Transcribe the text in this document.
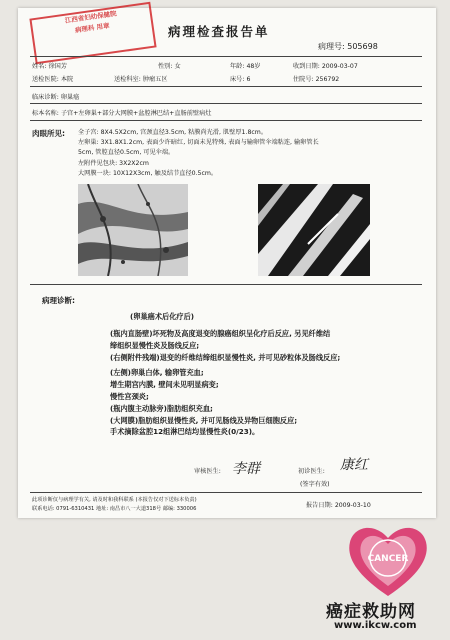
江西省妇幼保健院
病理科 用章	病理检查报告单
病理号: 505698
姓名: 徐国芳	性别: 女	年龄: 48岁	收到日期: 2009-03-07
送检医院: 本院	送检科室: 肿瘤五区	床号: 6	住院号: 256792
临床诊断: 卵巢癌
标本名称: 子宫+左卵巢+部分大网膜+盆腔淋巴结+直肠前壁病灶
肉眼所见: 全子宫: 8X4.5X2cm, 宫颈直径3.5cm, 粘膜尚光滑, 肌壁厚1.8cm。
左卵巢: 3X1.8X1.2cm, 表面少许暗红, 切面未见特殊, 表面与输卵管伞端粘连, 输卵管长
5cm, 管腔直径0.5cm, 可见伞端。
左附件见包块: 3X2X2cm
大网膜一块: 10X12X3cm, 触及结节直径0.5cm。
病理诊断:
(卵巢癌术后化疗后)
(瓶内直肠壁)坏死物及高度退变的腺癌组织呈化疗后反应, 另见纤维结
缔组织显慢性炎及肠线反应;
(右侧附件残端)退变的纤维结缔组织显慢性炎, 并可见砂粒体及肠线反应;
(左侧)卵巢白体, 输卵管充血;
增生期宫内膜, 壁间未见明显病变;
慢性宫颈炎;
(瓶内腹主动脉旁)脂肪组织充血;
(大网膜)脂肪组织显慢性炎, 并可见肠线及异物巨细胞反应;
手术摘除盆腔12组淋巴结均显慢性炎(0/23)。
审核医生: 李群	初诊医生: 康红
(签字有效)
此项诊断仅与病理学有关, 请及时和我科联系 (本报告仅对下送标本负责)
联系电话: 0791-6310431 地址: 南昌市八一大道318号 邮编: 330006	报告日期: 2009-03-10
CANCER
癌症救助网
www.ikcw.com
